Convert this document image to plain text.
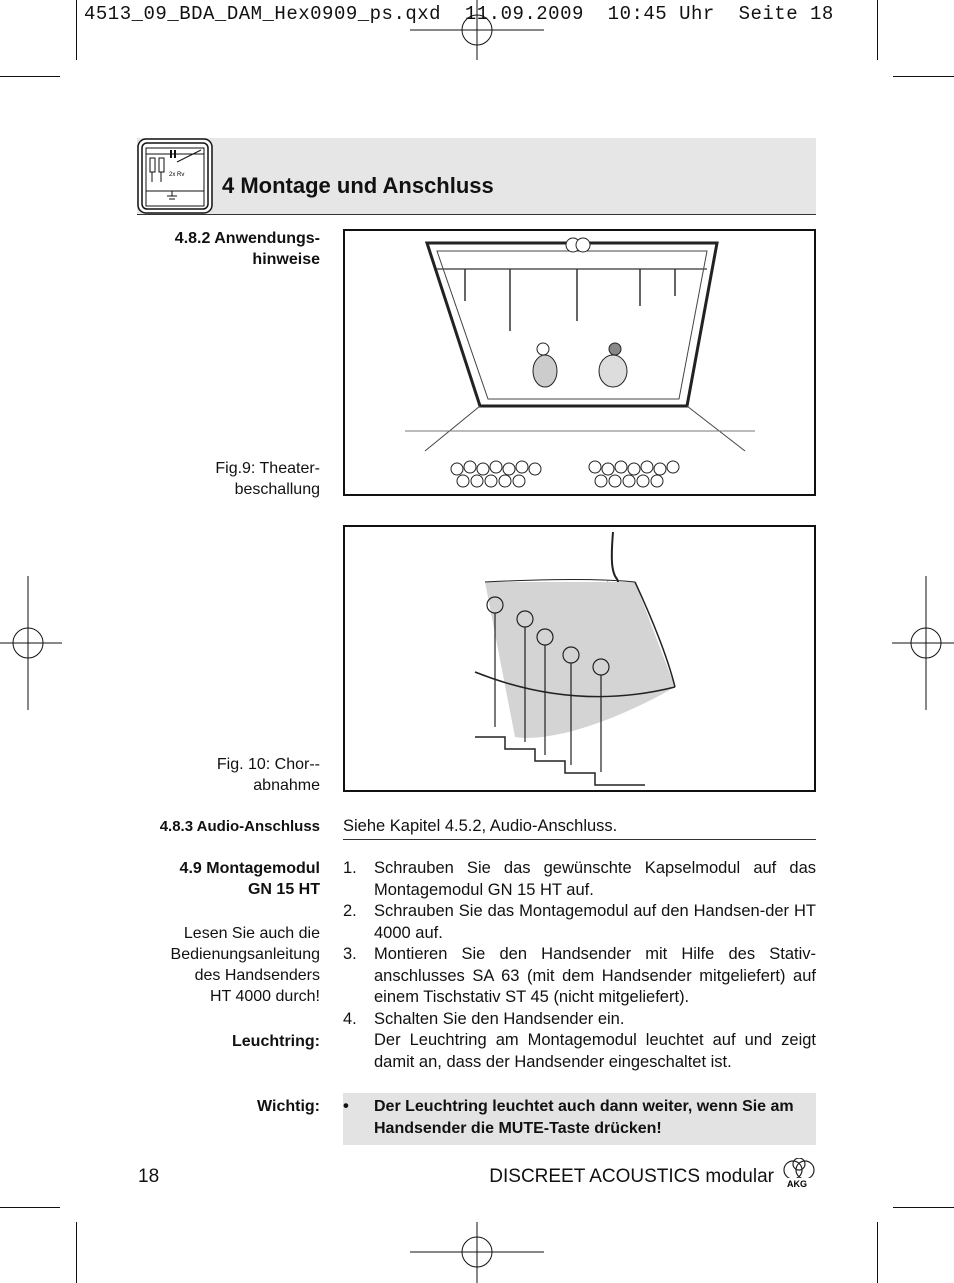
4513_09_BDA_DAM_Hex0909_ps.qxd  11.09.2009  10:45 Uhr  Seite 18
2x Rv 4 Montage und Anschluss
4.8.2 Anwendungs-
hinweise
Fig.9: Theater-
beschallung
Fig. 10: Chor--
abnahme
4.8.3 Audio-Anschluss Siehe Kapitel 4.5.2, Audio-Anschluss.
4.9 Montagemodul
GN 15 HT
Lesen Sie auch die
Bedienungsanleitung
des Handsenders
HT 4000 durch!
Leuchtring:
1. Schrauben Sie das gewünschte Kapselmodul auf das Montagemodul GN 15 HT auf.
2. Schrauben Sie das Montagemodul auf den Handsen-der HT 4000 auf.
3. Montieren Sie den Handsender mit Hilfe des Stativ-anschlusses SA 63 (mit dem Handsender mitgeliefert) auf einem Tischstativ ST 45 (nicht mitgeliefert).
4. Schalten Sie den Handsender ein.
Der Leuchtring am Montagemodul leuchtet auf und zeigt damit an, dass der Handsender eingeschaltet ist.
Wichtig: • Der Leuchtring leuchtet auch dann weiter, wenn Sie am Handsender die MUTE-Taste drücken!
18	DISCREET ACOUSTICS modular AKG
